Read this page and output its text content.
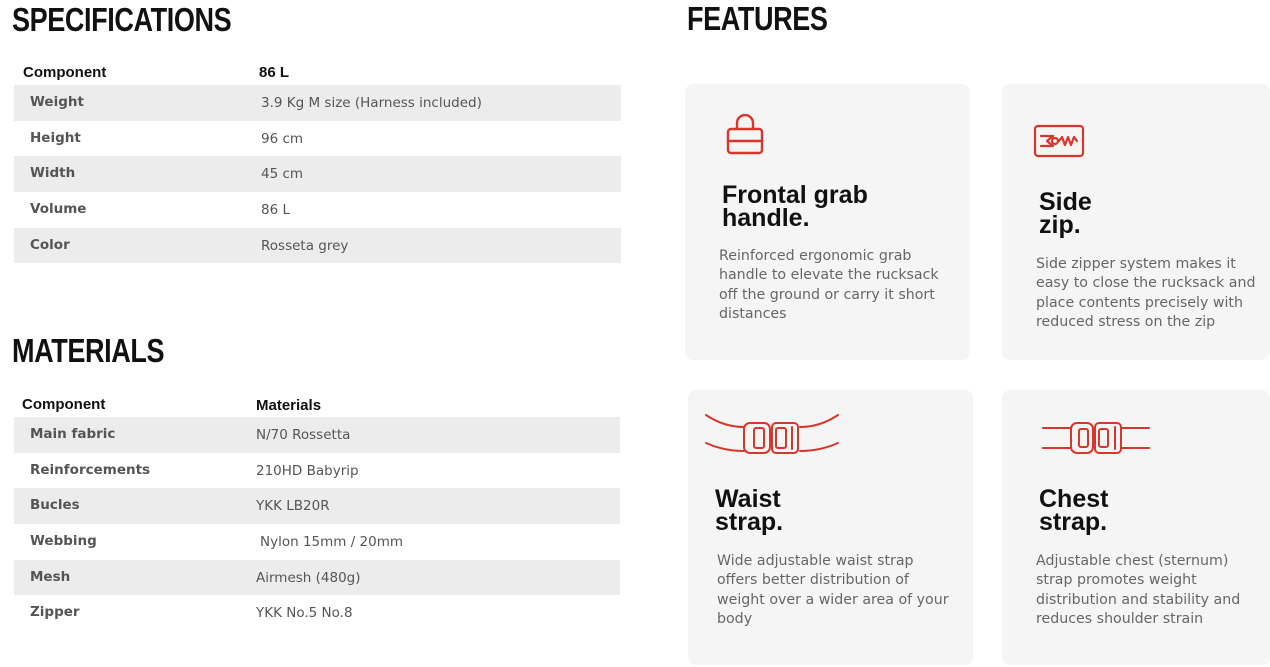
SPECIFICATIONS
Component	86 L
Weight	3.9 Kg M size (Harness included)
Height	96 cm
Width	45 cm
Volume	86 L
Color	Rosseta grey
MATERIALS
Component	Materials
Main fabric	N/70 Rossetta
Reinforcements	210HD Babyrip
Bucles	YKK LB20R
Webbing	Nylon 15mm / 20mm
Mesh	Airmesh (480g)
Zipper	YKK No.5 No.8
FEATURES
Frontal grab
handle.
Reinforced ergonomic grab handle to elevate the rucksack off the ground or carry it short distances
Side
zip.
Side zipper system makes it easy to close the rucksack and place contents precisely with reduced stress on the zip
Waist
strap.
Wide adjustable waist strap offers better distribution of weight over a wider area of your body
Chest
strap.
Adjustable chest (sternum) strap promotes weight distribution and stability and reduces shoulder strain
